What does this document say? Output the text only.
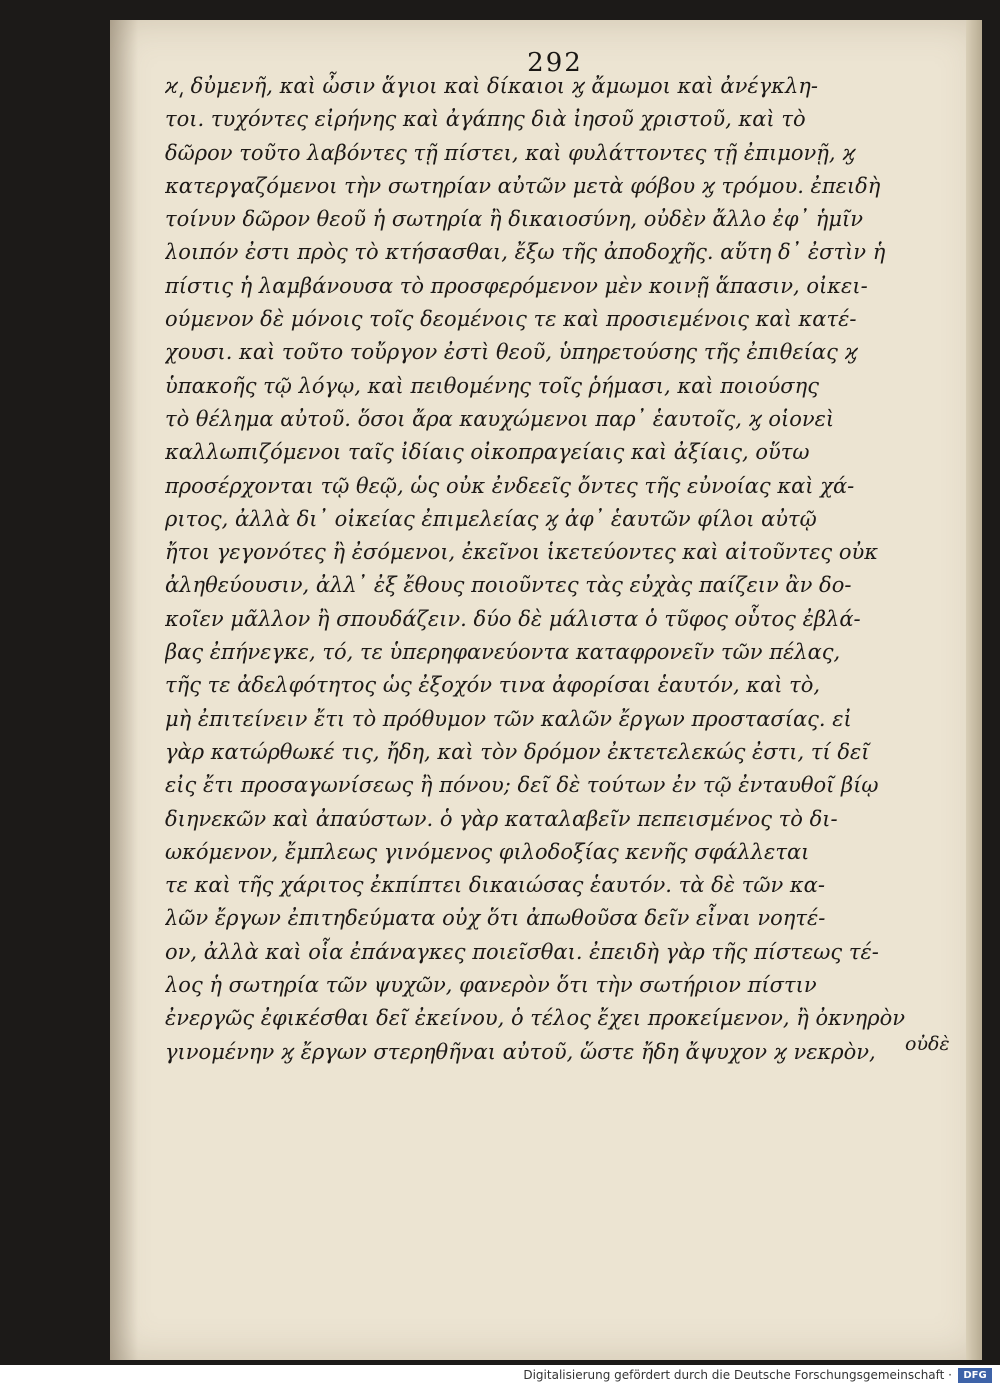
292
ϰ͵ δὐμενῆ, καὶ ὦσιν ἅγιοι καὶ δίκαιοι ϗ ἄμωμοι καὶ ἀνέγκλη-
τοι. τυχόντες εἰρήνης καὶ ἀγάπης διὰ ἰησοῦ χριστοῦ, καὶ τὸ
δῶρον τοῦτο λαβόντες τῇ πίστει, καὶ φυλάττοντες τῇ ἐπιμονῇ, ϗ
κατεργαζόμενοι τὴν σωτηρίαν αὐτῶν μετὰ φόβου ϗ τρόμου. ἐπειδὴ
τοίνυν δῶρον θεοῦ ἡ σωτηρία ἢ δικαιοσύνη, οὐδὲν ἄλλο ἐφ᾽ ἡμῖν
λοιπόν ἐστι πρὸς τὸ κτήσασθαι, ἔξω τῆς ἀποδοχῆς. αὕτη δ᾽ ἐστὶν ἡ
πίστις ἡ λαμβάνουσα τὸ προσφερόμενον μὲν κοινῇ ἅπασιν, οἰκει-
ούμενον δὲ μόνοις τοῖς δεομένοις τε καὶ προσιεμένοις καὶ κατέ-
χουσι. καὶ τοῦτο τοὔργον ἐστὶ θεοῦ, ὑπηρετούσης τῆς ἐπιθείας ϗ
ὑπακοῆς τῷ λόγῳ, καὶ πειθομένης τοῖς ῥήμασι, καὶ ποιούσης
τὸ θέλημα αὐτοῦ. ὅσοι ἄρα καυχώμενοι παρ᾽ ἑαυτοῖς, ϗ οἱονεὶ
καλλωπιζόμενοι ταῖς ἰδίαις οἰκοπραγείαις καὶ ἀξίαις, οὕτω
προσέρχονται τῷ θεῷ, ὡς οὐκ ἐνδεεῖς ὄντες τῆς εὐνοίας καὶ χά-
ριτος, ἀλλὰ δι᾽ οἰκείας ἐπιμελείας ϗ ἀφ᾽ ἑαυτῶν φίλοι αὐτῷ
ἤτοι γεγονότες ἢ ἐσόμενοι, ἐκεῖνοι ἱκετεύοντες καὶ αἰτοῦντες οὐκ
ἀληθεύουσιν, ἀλλ᾽ ἐξ ἔθους ποιοῦντες τὰς εὐχὰς παίζειν ἂν δο-
κοῖεν μᾶλλον ἢ σπουδάζειν. δύο δὲ μάλιστα ὁ τῦφος οὗτος ἐβλά-
βας ἐπήνεγκε, τό, τε ὑπερηφανεύοντα καταφρονεῖν τῶν πέλας,
τῆς τε ἀδελφότητος ὡς ἐξοχόν τινα ἀφορίσαι ἑαυτόν, καὶ τὸ,
μὴ ἐπιτείνειν ἔτι τὸ πρόθυμον τῶν καλῶν ἔργων προστασίας. εἰ
γὰρ κατώρθωκέ τις, ἤδη, καὶ τὸν δρόμον ἐκτετελεκώς ἐστι, τί δεῖ
εἰς ἔτι προσαγωνίσεως ἢ πόνου; δεῖ δὲ τούτων ἐν τῷ ἐνταυθοῖ βίῳ
διηνεκῶν καὶ ἀπαύστων. ὁ γὰρ καταλαβεῖν πεπεισμένος τὸ δι-
ωκόμενον, ἔμπλεως γινόμενος φιλοδοξίας κενῆς σφάλλεται
τε καὶ τῆς χάριτος ἐκπίπτει δικαιώσας ἑαυτόν. τὰ δὲ τῶν κα-
λῶν ἔργων ἐπιτηδεύματα οὐχ ὅτι ἀπωθοῦσα δεῖν εἶναι νοητέ-
ον, ἀλλὰ καὶ οἷα ἐπάναγκες ποιεῖσθαι. ἐπειδὴ γὰρ τῆς πίστεως τέ-
λος ἡ σωτηρία τῶν ψυχῶν, φανερὸν ὅτι τὴν σωτήριον πίστιν
ἐνεργῶς ἐφικέσθαι δεῖ ἐκείνου, ὁ τέλος ἔχει προκείμενον, ἢ ὀκνηρὸν
γινομένην ϗ ἔργων στερηθῆναι αὐτοῦ, ὥστε ἤδη ἄψυχον ϗ νεκρὸν,	οὐδὲ
Digitalisierung gefördert durch die Deutsche Forschungsgemeinschaft ·	DFG
